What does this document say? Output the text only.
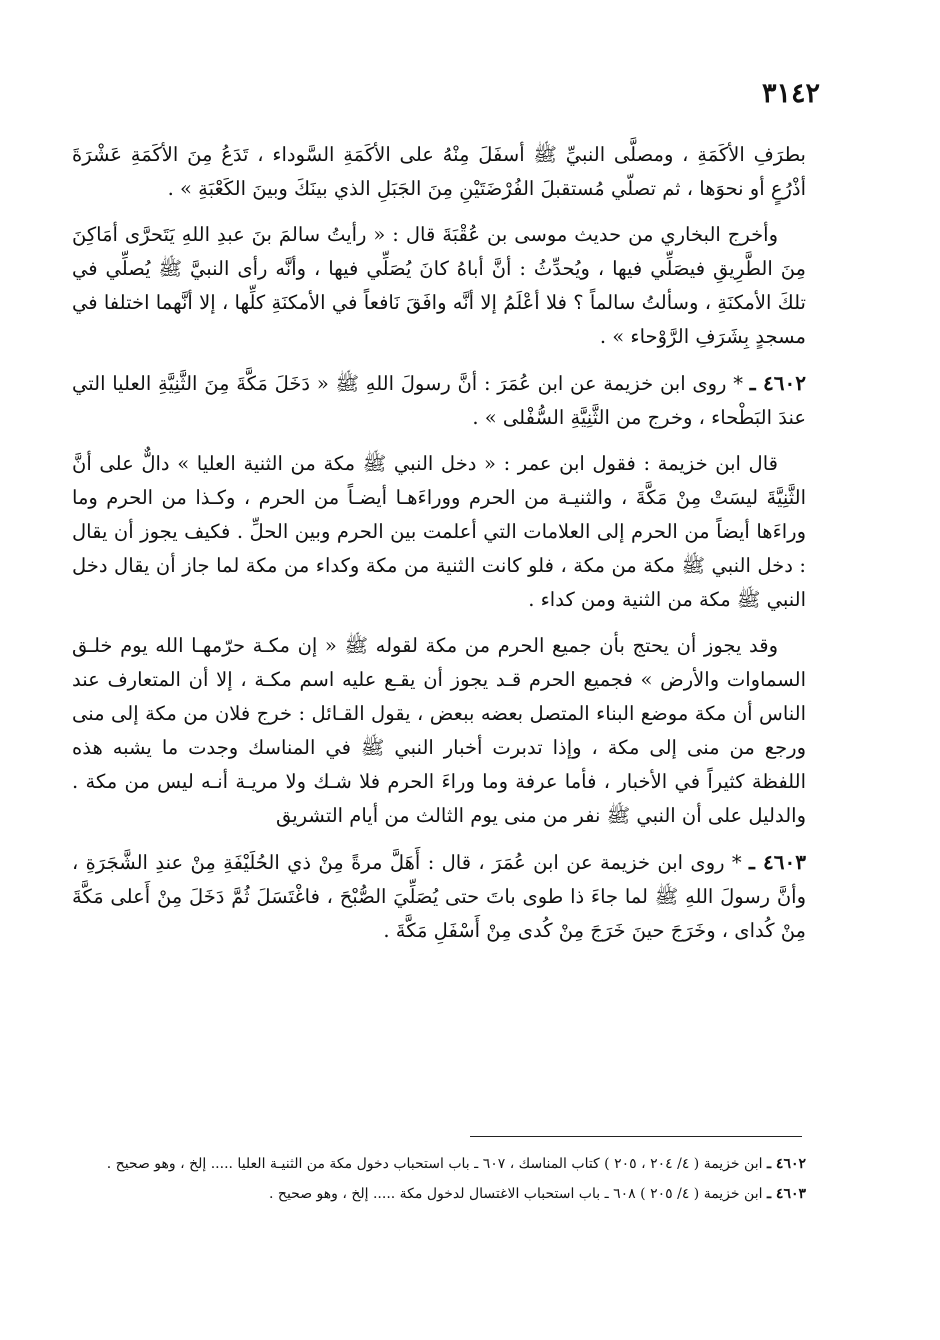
٣١٤٢

بطرَفِ الأكَمَةِ ، ومصلَّى النبيِّ ﷺ أسفَلَ مِنْهُ على الأكَمَةِ السَّوداء ، تَدَعُ مِنَ الأكَمَةِ عَشْرَةَ أذْرُعٍ أو نحوَها ، ثم تصلّي مُستقبلَ الفُرْضَتَيْنِ مِنَ الجَبَلِ الذي بينَكَ وبينَ الكَعْبَةِ » .

وأخرج البخاري من حديث موسى بن عُقْبَةَ قال : « رأيتُ سالمَ بنَ عبدِ اللهِ يَتَحرَّى أمَاكِنَ مِنَ الطَّرِيقِ فيصَلِّي فيها ، ويُحدِّثُ : أنَّ أباهُ كانَ يُصَلِّي فيها ، وأنَّه رأى النبيَّ ﷺ يُصلِّي في تلكَ الأمكنَةِ ، وسألتُ سالماً ؟ فلا أعْلَمُ إلا أنَّه وافَقَ نَافعاً في الأمكنَةِ كلِّها ، إلا أنَّهما اختلفا في مسجدٍ بِشَرَفِ الرَّوْحاء » .

٤٦٠٢ ـ * روى ابن خزيمة عن ابن عُمَرَ : أنَّ رسولَ اللهِ ﷺ « دَخَلَ مَكَّةَ مِنَ الثَّنِيَّةِ العليا التي عندَ البَطْحاء ، وخرج من الثَّنِيَّةِ السُّفْلى » .

قال ابن خزيمة : فقول ابن عمر : « دخل النبي ﷺ مكة من الثنية العليا » دالٌّ على أنَّ الثَّنِيَّةَ ليسَتْ مِنْ مَكَّةَ ، والثنيـة من الحرم ووراءَهـا أيضـاً من الحرم ، وكـذا من الحرم وما وراءَها أيضاً من الحرم إلى العلامات التي أعلمت بين الحرم وبين الحلِّ . فكيف يجوز أن يقال : دخل النبي ﷺ مكة من مكة ، فلو كانت الثنية من مكة وكداء من مكة لما جاز أن يقال دخل النبي ﷺ مكة من الثنية ومن كداء .

وقد يجوز أن يحتج بأن جميع الحرم من مكة لقوله ﷺ « إن مكـة حرّمهـا الله يوم خلـق السماوات والأرض » فجميع الحرم قـد يجوز أن يقـع عليه اسم مكـة ، إلا أن المتعارف عند الناس أن مكة موضع البناء المتصل بعضه ببعض ، يقول القـائل : خرج فلان من مكة إلى منى ورجع من منى إلى مكة ، وإذا تدبرت أخبار النبي ﷺ في المناسك وجدت ما يشبه هذه اللفظة كثيراً في الأخبار ، فأما عرفة وما وراءَ الحرم فلا شـك ولا مريـة أنـه ليس من مكة . والدليل على أن النبي ﷺ نفر من منى يوم الثالث من أيام التشريق

٤٦٠٣ ـ * روى ابن خزيمة عن ابن عُمَرَ ، قال : أَهَلَّ مرةً مِنْ ذي الحُلَيْفَةِ مِنْ عندِ الشَّجَرَةِ ، وأنَّ رسولَ اللهِ ﷺ لما جاءَ ذا طوى باتَ حتى يُصَلِّيَ الصُّبْحَ ، فاغْتَسَلَ ثُمَّ دَخَلَ مِنْ أَعلى مَكَّةَ مِنْ كُداى ، وخَرَجَ حينَ خَرَجَ مِنْ كُدى مِنْ أَسْفَلِ مَكَّةَ .

٤٦٠٢ ـ ابن خزيمة ( ٤/ ٢٠٤ ، ٢٠٥ ) كتاب المناسك ، ٦٠٧ ـ باب استحباب دخول مكة من الثنيـة العليا ..... إلخ ، وهو صحيح .

٤٦٠٣ ـ ابن خزيمة ( ٤/ ٢٠٥ ) ٦٠٨ ـ باب استحباب الاغتسال لدخول مكة ..... إلخ ، وهو صحيح .
